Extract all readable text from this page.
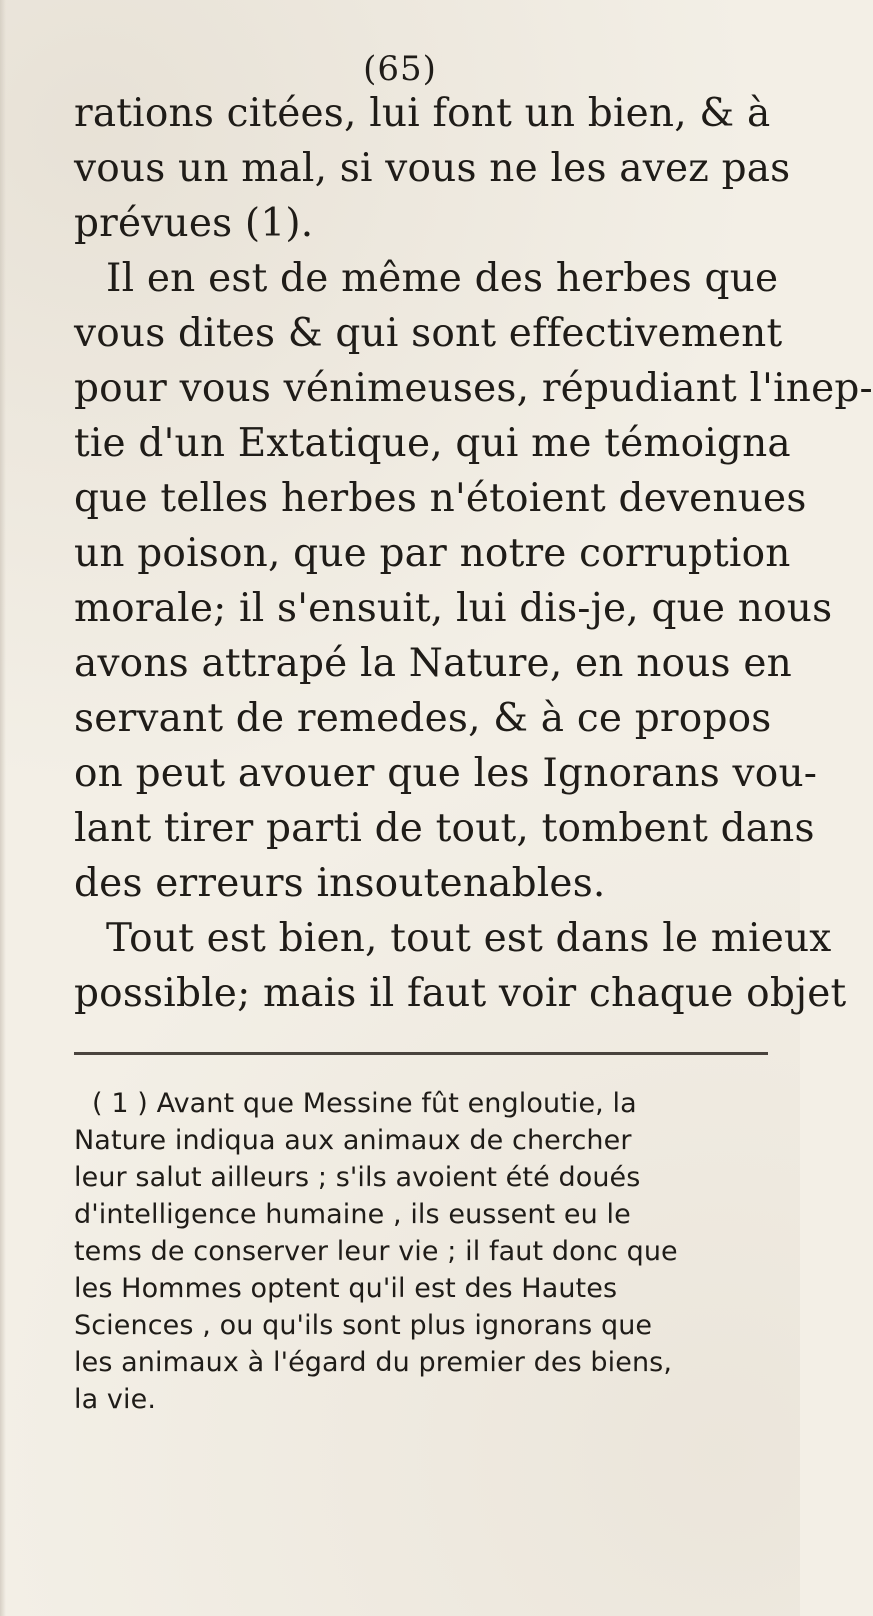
(65)
rations citées, lui font un bien, & à
vous un mal, si vous ne les avez pas
prévues (1).
Il en est de même des herbes que
vous dites & qui sont effectivement
pour vous vénimeuses, répudiant l'inep-
tie d'un Extatique, qui me témoigna
que telles herbes n'étoient devenues
un poison, que par notre corruption
morale; il s'ensuit, lui dis-je, que nous
avons attrapé la Nature, en nous en
servant de remedes, & à ce propos
on peut avouer que les Ignorans vou-
lant tirer parti de tout, tombent dans
des erreurs insoutenables.
Tout est bien, tout est dans le mieux
possible; mais il faut voir chaque objet
( 1 ) Avant que Messine fût engloutie, la
Nature indiqua aux animaux de chercher
leur salut ailleurs ; s'ils avoient été doués
d'intelligence humaine , ils eussent eu le
tems de conserver leur vie ; il faut donc que
les Hommes optent qu'il est des Hautes
Sciences , ou qu'ils sont plus ignorans que
les animaux à l'égard du premier des biens,
la vie.
